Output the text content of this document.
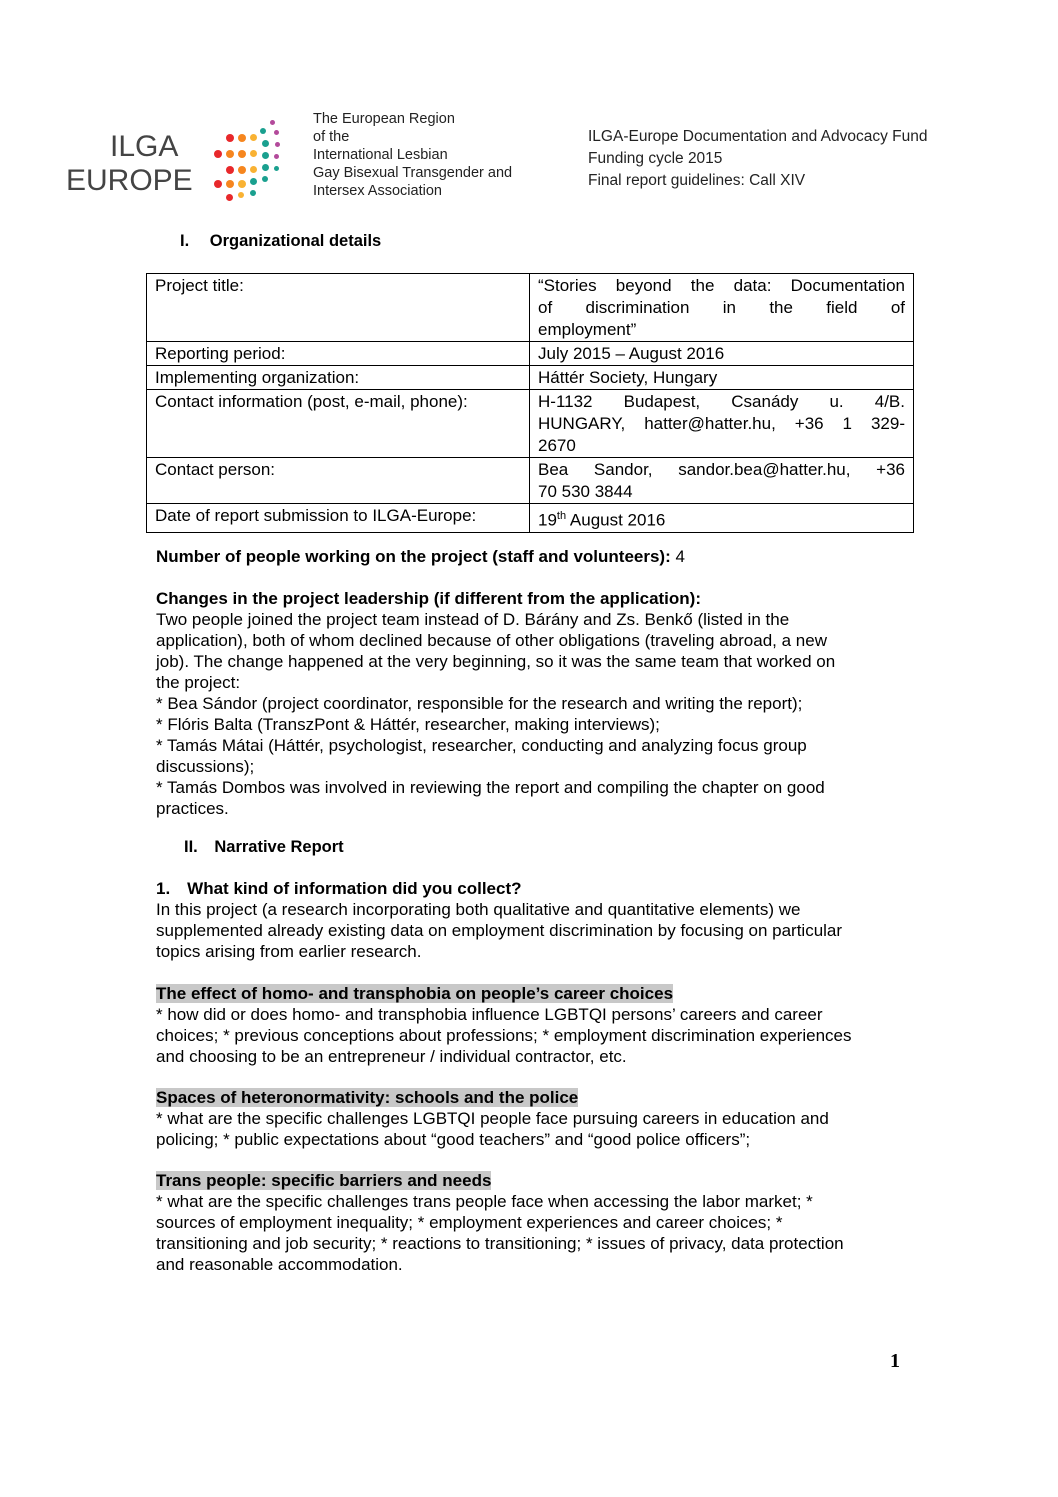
ILGA
EUROPE
The European Region
of the
International Lesbian
Gay Bisexual Transgender and
Intersex Association
ILGA-Europe Documentation and Advocacy Fund
Funding cycle 2015
Final report guidelines: Call XIV
I. Organizational details
Project title:	“Stories beyond the data: Documentation
of discrimination in the field of
employment”

Reporting period:	July 2015 – August 2016

Implementing organization:	Háttér Society, Hungary

Contact information (post, e-mail, phone):	H-1132 Budapest, Csanády u. 4/B.
HUNGARY, hatter@hatter.hu, +36 1 329-
2670

Contact person:	Bea Sandor, sandor.bea@hatter.hu, +36
70 530 3844

Date of report submission to ILGA-Europe:	19th August 2016
Number of people working on the project (staff and volunteers): 4
Changes in the project leadership (if different from the application):
Two people joined the project team instead of D. Bárány and Zs. Benkő (listed in the
application), both of whom declined because of other obligations (traveling abroad, a new
job). The change happened at the very beginning, so it was the same team that worked on
the project:
* Bea Sándor (project coordinator, responsible for the research and writing the report);
* Flóris Balta (TranszPont & Háttér, researcher, making interviews);
* Tamás Mátai (Háttér, psychologist, researcher, conducting and analyzing focus group
discussions);
* Tamás Dombos was involved in reviewing the report and compiling the chapter on good
practices.
II. Narrative Report
1. What kind of information did you collect?
In this project (a research incorporating both qualitative and quantitative elements) we
supplemented already existing data on employment discrimination by focusing on particular
topics arising from earlier research.
The effect of homo- and transphobia on people’s career choices
* how did or does homo- and transphobia influence LGBTQI persons’ careers and career
choices; * previous conceptions about professions; * employment discrimination experiences
and choosing to be an entrepreneur / individual contractor, etc.
Spaces of heteronormativity: schools and the police
* what are the specific challenges LGBTQI people face pursuing careers in education and
policing; * public expectations about “good teachers” and “good police officers”;
Trans people: specific barriers and needs
* what are the specific challenges trans people face when accessing the labor market; *
sources of employment inequality; * employment experiences and career choices; *
transitioning and job security; * reactions to transitioning; * issues of privacy, data protection
and reasonable accommodation.
1
